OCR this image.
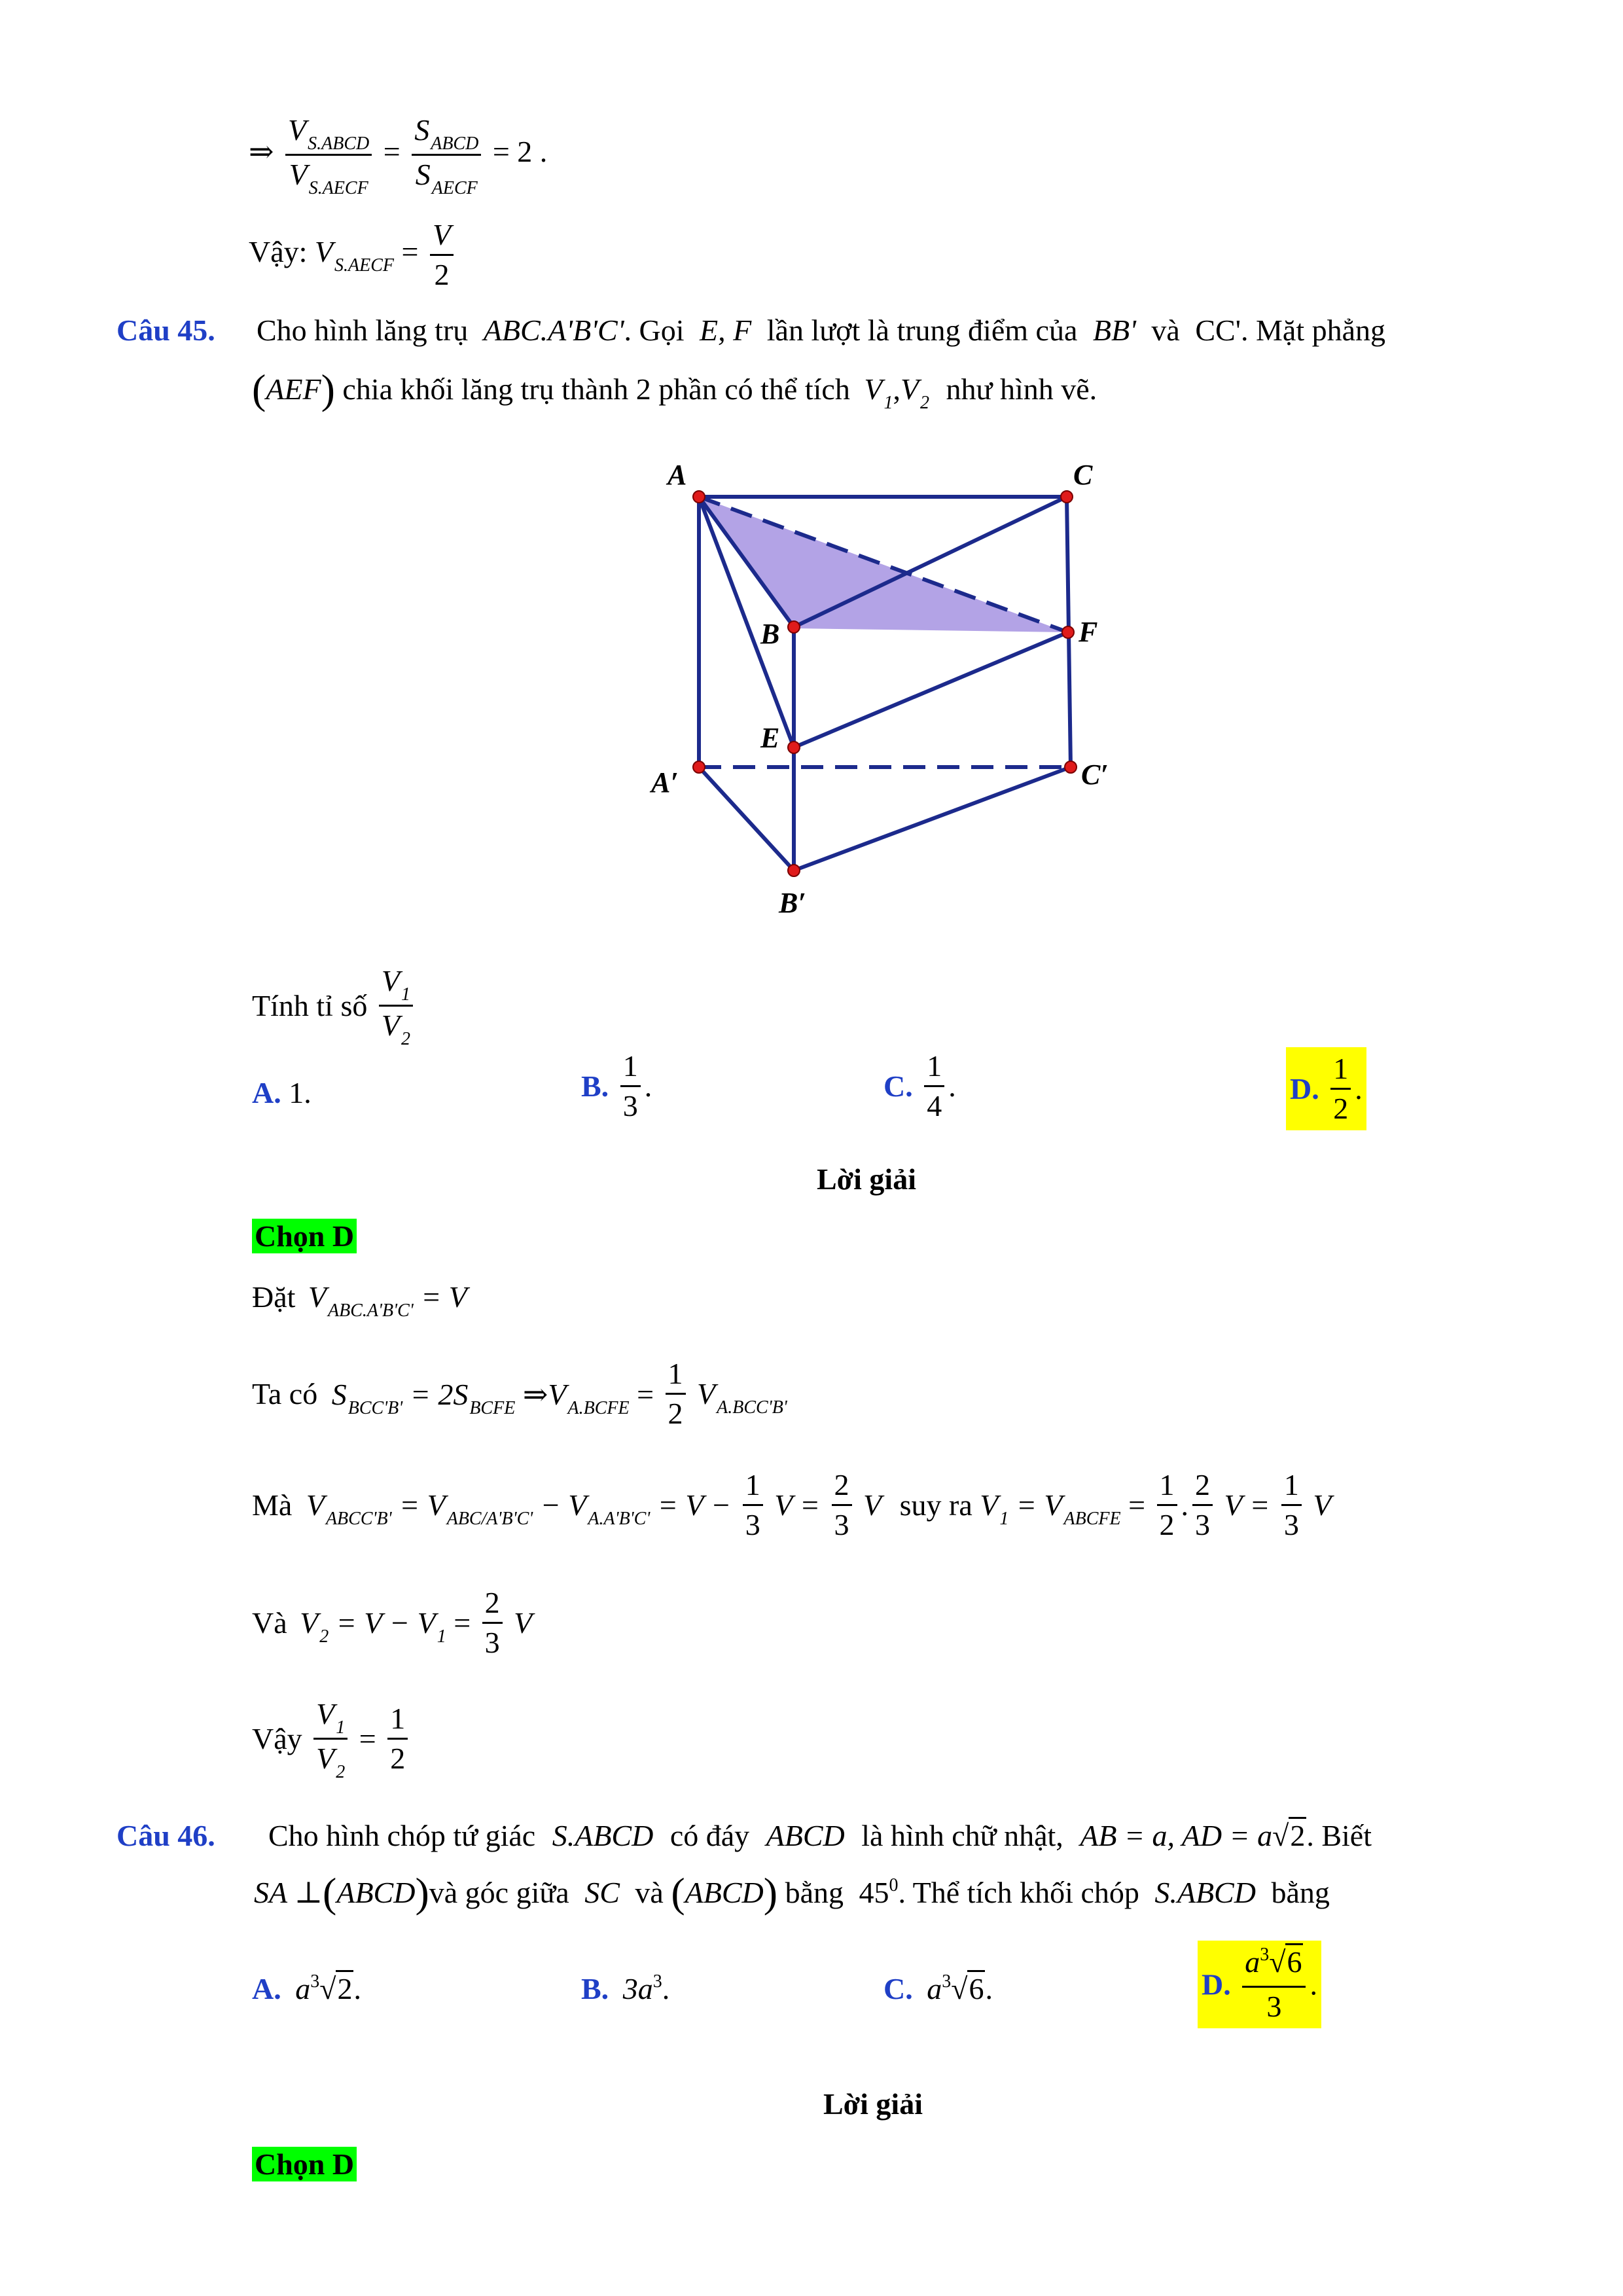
⇒ $\frac{V_{S.ABCD}}{V_{S.AECF}} = \frac{S_{ABCD}}{S_{AECF}} = 2$ .
Vậy: $V_{S.AECF} = \frac{V}{2}$
Câu 45. Cho hình lăng trụ ABC.A'B'C'. Gọi E, F lần lượt là trung điểm của BB' và CC'. Mặt phẳng
(AEF) chia khối lăng trụ thành 2 phần có thể tích $V_1,V_2$ như hình vẽ.
A	C
B	F
E
A′	C′
B′
Tính tỉ số $\frac{V_1}{V_2}$
A. 1.	B. $\frac{1}{3}$ .	C. $\frac{1}{4}$ .	D. $\frac{1}{2}$ .
Lời giải
Chọn D
Đặt $V_{ABC.A'B'C'} = V$
Ta có $S_{BCC'B'} = 2S_{BCFE}$ $\Rightarrow V_{A.BCFE} = \frac{1}{2} V_{A.BCC'B'}$
Mà $V_{ABCC'B'} = V_{ABC/A'B'C'} - V_{A.A'B'C'} = V - \frac{1}{3}$ $V = \frac{2}{3}$ V suy ra $V_1 = V_{ABCFE} = \frac{1}{2}$ . $\frac{2}{3}$ $V = \frac{1}{3}$ V
Và $V_2 = V - V_1 = \frac{2}{3}$ V
Vậy $\frac{V_1}{V_2} = \frac{1}{2}$
Câu 46. Cho hình chóp tứ giác S.ABCD có đáy ABCD là hình chữ nhật, AB = a, AD = a√2. Biết
SA ⊥(ABCD)và góc giữa SC và (ABCD) bằng $45^0$. Thể tích khối chóp S.ABCD bằng
A. $a^3√2$.	B. $3a^3$.	C. $a^3√6$.	D. $\frac{a^3√6}{3}$ .
Lời giải
Chọn D
